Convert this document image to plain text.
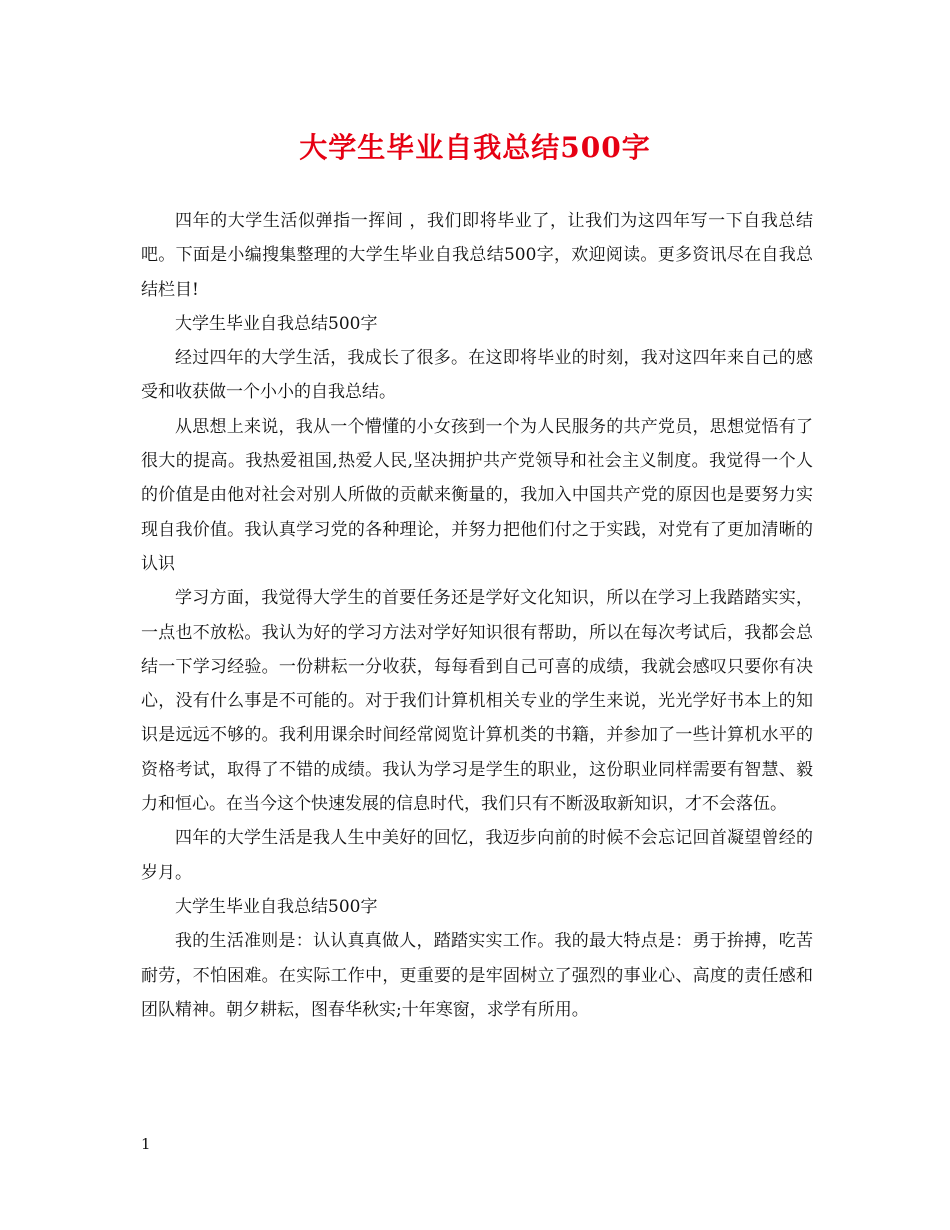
大学生毕业自我总结500字

四年的大学生活似弹指一挥间 ，我们即将毕业了，让我们为这四年写一下自我总结吧。下面是小编搜集整理的大学生毕业自我总结500字，欢迎阅读。更多资讯尽在自我总结栏目!

大学生毕业自我总结500字

经过四年的大学生活，我成长了很多。在这即将毕业的时刻，我对这四年来自己的感受和收获做一个小小的自我总结。

从思想上来说，我从一个懵懂的小女孩到一个为人民服务的共产党员，思想觉悟有了很大的提高。我热爱祖国,热爱人民,坚决拥护共产党领导和社会主义制度。我觉得一个人的价值是由他对社会对别人所做的贡献来衡量的，我加入中国共产党的原因也是要努力实现自我价值。我认真学习党的各种理论，并努力把他们付之于实践，对党有了更加清晰的认识

学习方面，我觉得大学生的首要任务还是学好文化知识，所以在学习上我踏踏实实，一点也不放松。我认为好的学习方法对学好知识很有帮助，所以在每次考试后，我都会总结一下学习经验。一份耕耘一分收获，每每看到自己可喜的成绩，我就会感叹只要你有决心，没有什么事是不可能的。对于我们计算机相关专业的学生来说，光光学好书本上的知识是远远不够的。我利用课余时间经常阅览计算机类的书籍，并参加了一些计算机水平的资格考试，取得了不错的成绩。我认为学习是学生的职业，这份职业同样需要有智慧、毅力和恒心。在当今这个快速发展的信息时代，我们只有不断汲取新知识，才不会落伍。

四年的大学生活是我人生中美好的回忆，我迈步向前的时候不会忘记回首凝望曾经的岁月。

大学生毕业自我总结500字

我的生活准则是：认认真真做人，踏踏实实工作。我的最大特点是：勇于拚搏，吃苦耐劳，不怕困难。在实际工作中，更重要的是牢固树立了强烈的事业心、高度的责任感和团队精神。朝夕耕耘，图春华秋实;十年寒窗，求学有所用。

1
